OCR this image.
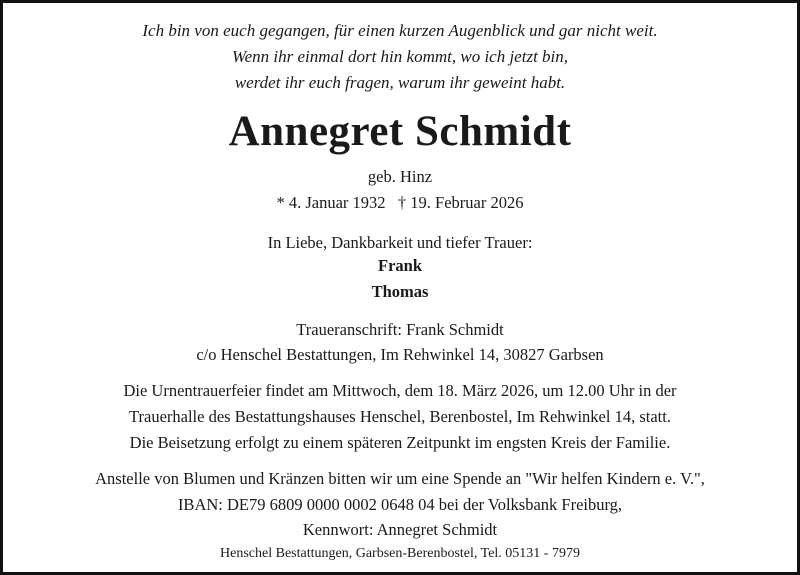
Ich bin von euch gegangen, für einen kurzen Augenblick und gar nicht weit.
Wenn ihr einmal dort hin kommt, wo ich jetzt bin,
werdet ihr euch fragen, warum ihr geweint habt.
Annegret Schmidt
geb. Hinz
* 4. Januar 1932   † 19. Februar 2026
In Liebe, Dankbarkeit und tiefer Trauer:
Frank
Thomas
Traueranschrift: Frank Schmidt
c/o Henschel Bestattungen, Im Rehwinkel 14, 30827 Garbsen
Die Urnentrauerfeier findet am Mittwoch, dem 18. März 2026, um 12.00 Uhr in der
Trauerhalle des Bestattungshauses Henschel, Berenbostel, Im Rehwinkel 14, statt.
Die Beisetzung erfolgt zu einem späteren Zeitpunkt im engsten Kreis der Familie.
Anstelle von Blumen und Kränzen bitten wir um eine Spende an "Wir helfen Kindern e. V.",
IBAN: DE79 6809 0000 0002 0648 04 bei der Volksbank Freiburg,
Kennwort: Annegret Schmidt
Henschel Bestattungen, Garbsen-Berenbostel, Tel. 05131 - 7979
